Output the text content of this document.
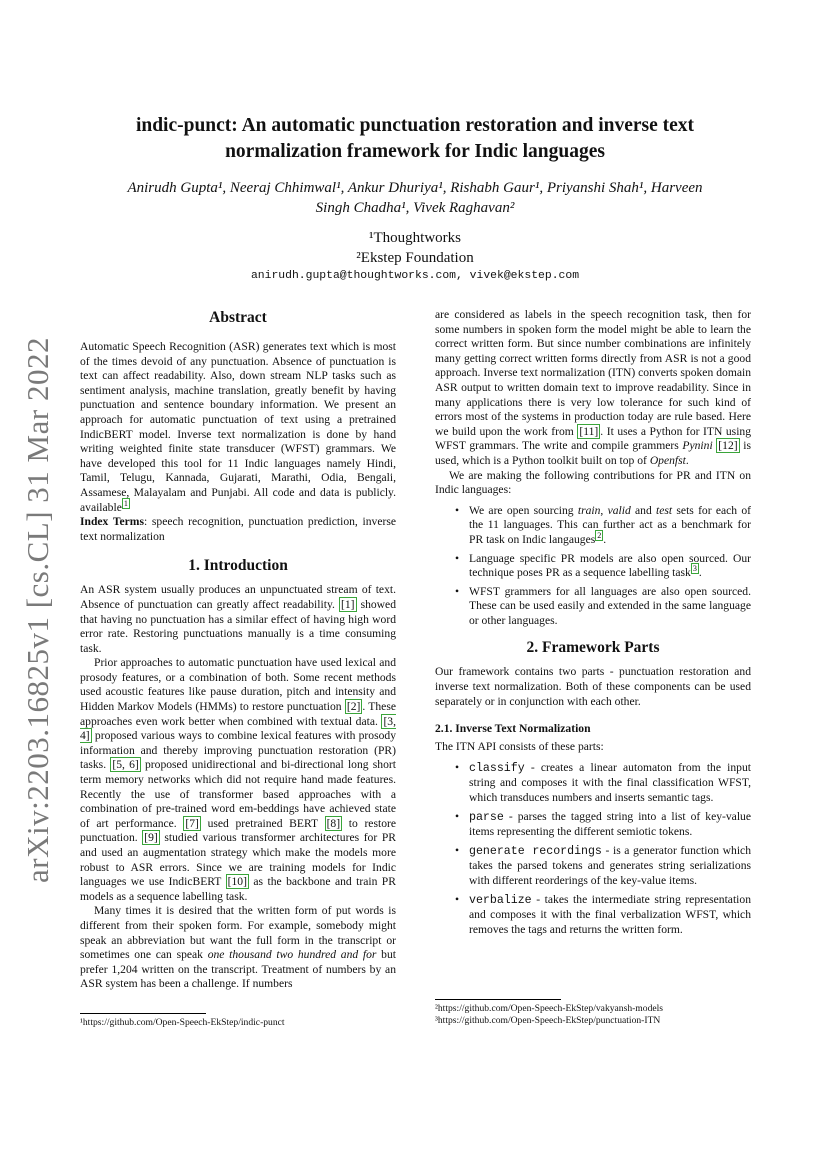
arXiv:2203.16825v1 [cs.CL] 31 Mar 2022
indic-punct: An automatic punctuation restoration and inverse text
normalization framework for Indic languages
Anirudh Gupta¹, Neeraj Chhimwal¹, Ankur Dhuriya¹, Rishabh Gaur¹, Priyanshi Shah¹, Harveen
Singh Chadha¹, Vivek Raghavan²
¹Thoughtworks
²Ekstep Foundation
anirudh.gupta@thoughtworks.com, vivek@ekstep.com
Abstract

Automatic Speech Recognition (ASR) generates text which is most of the times devoid of any punctuation. Absence of punctuation is text can affect readability. Also, down stream NLP tasks such as sentiment analysis, machine translation, greatly benefit by having punctuation and sentence boundary information. We present an approach for automatic punctuation of text using a pretrained IndicBERT model. Inverse text normalization is done by hand writing weighted finite state transducer (WFST) grammars. We have developed this tool for 11 Indic languages namely Hindi, Tamil, Telugu, Kannada, Gujarati, Marathi, Odia, Bengali, Assamese, Malayalam and Punjabi. All code and data is publicly. available $^1$

Index Terms: speech recognition, punctuation prediction, inverse text normalization

1. Introduction

An ASR system usually produces an unpunctuated stream of text. Absence of punctuation can greatly affect readability. [1] showed that having no punctuation has a similar effect of having high word error rate. Restoring punctuations manually is a time consuming task.

Prior approaches to automatic punctuation have used lexical and prosody features, or a combination of both. Some recent methods used acoustic features like pause duration, pitch and intensity and Hidden Markov Models (HMMs) to restore punctuation [2] . These approaches even work better when combined with textual data. [3, 4] proposed various ways to combine lexical features with prosody information and thereby improving punctuation restoration (PR) tasks. [5, 6] proposed unidirectional and bi-directional long short term memory networks which did not require hand made features. Recently the use of transformer based approaches with a combination of pre-trained word em-beddings have achieved state of art performance. [7] used pretrained BERT [8] to restore punctuation. [9] studied various transformer architectures for PR and used an augmentation strategy which make the models more robust to ASR errors. Since we are training models for Indic languages we use IndicBERT [10] as the backbone and train PR models as a sequence labelling task.

Many times it is desired that the written form of put words is different from their spoken form. For example, somebody might speak an abbreviation but want the full form in the transcript or sometimes one can speak one thousand two hundred and for but prefer 1,204 written on the transcript. Treatment of numbers by an ASR system has been a challenge. If numbers

¹https://github.com/Open-Speech-EkStep/indic-punct

are considered as labels in the speech recognition task, then for some numbers in spoken form the model might be able to learn the correct written form. But since number combinations are infinitely many getting correct written forms directly from ASR is not a good approach. Inverse text normalization (ITN) converts spoken domain ASR output to written domain text to improve readability. Since in many applications there is very low tolerance for such kind of errors most of the systems in production today are rule based. Here we build upon the work from [11] . It uses a Python for ITN using WFST grammars. The write and compile grammers Pynini [12] is used, which is a Python toolkit built on top of Openfst.

We are making the following contributions for PR and ITN on Indic languages:

• We are open sourcing train, valid and test sets for each of the 11 languages. This can further act as a benchmark for PR task on Indic langauges $^2$ .
• Language specific PR models are also open sourced. Our technique poses PR as a sequence labelling task $^3$ .
• WFST grammers for all languages are also open sourced. These can be used easily and extended in the same language or other languages.
2. Framework Parts

Our framework contains two parts - punctuation restoration and inverse text normalization. Both of these components can be used separately or in conjunction with each other.

2.1. Inverse Text Normalization

The ITN API consists of these parts:

• classify - creates a linear automaton from the input string and composes it with the final classification WFST, which transduces numbers and inserts semantic tags.
• parse - parses the tagged string into a list of key-value items representing the different semiotic tokens.
• generate recordings - is a generator function which takes the parsed tokens and generates string serializations with different reorderings of the key-value items.
• verbalize - takes the intermediate string representation and composes it with the final verbalization WFST, which removes the tags and returns the written form.
²https://github.com/Open-Speech-EkStep/vakyansh-models
³https://github.com/Open-Speech-EkStep/punctuation-ITN
